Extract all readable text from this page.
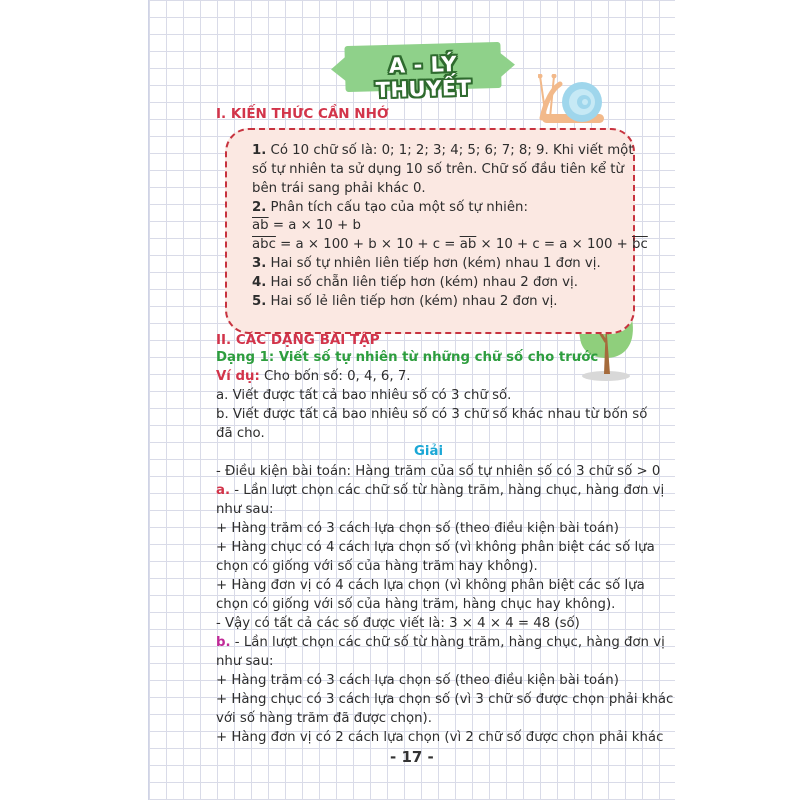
A - LÝ THUYẾT
I. KIẾN THỨC CẦN NHỚ
1. Có 10 chữ số là: 0; 1; 2; 3; 4; 5; 6; 7; 8; 9. Khi viết một
số tự nhiên ta sử dụng 10 số trên. Chữ số đầu tiên kể từ
bên trái sang phải khác 0.
2. Phân tích cấu tạo của một số tự nhiên:
$\overline{ab} = a \times 10 + b$
$\overline{abc} = a \times 100 + b \times 10 + c = \overline{ab} \times 10 + c = a \times 100 + \overline{bc}$
3. Hai số tự nhiên liên tiếp hơn (kém) nhau 1 đơn vị.
4. Hai số chẵn liên tiếp hơn (kém) nhau 2 đơn vị.
5. Hai số lẻ liên tiếp hơn (kém) nhau 2 đơn vị.
II. CÁC DẠNG BÀI TẬP
Dạng 1: Viết số tự nhiên từ những chữ số cho trước
Ví dụ: Cho bốn số: 0, 4, 6, 7.
a. Viết được tất cả bao nhiêu số có 3 chữ số.
b. Viết được tất cả bao nhiêu số có 3 chữ số khác nhau từ bốn số
đã cho.
Giải
- Điều kiện bài toán: Hàng trăm của số tự nhiên số có 3 chữ số > 0
a. - Lần lượt chọn các chữ số từ hàng trăm, hàng chục, hàng đơn vị
như sau:
+ Hàng trăm có 3 cách lựa chọn số (theo điều kiện bài toán)
+ Hàng chục có 4 cách lựa chọn số (vì không phân biệt các số lựa
chọn có giống với số của hàng trăm hay không).
+ Hàng đơn vị có 4 cách lựa chọn (vì không phân biệt các số lựa
chọn có giống với số của hàng trăm, hàng chục hay không).
- Vậy có tất cả các số được viết là: 3 × 4 × 4 = 48 (số)
b. - Lần lượt chọn các chữ số từ hàng trăm, hàng chục, hàng đơn vị
như sau:
+ Hàng trăm có 3 cách lựa chọn số (theo điều kiện bài toán)
+ Hàng chục có 3 cách lựa chọn số (vì 3 chữ số được chọn phải khác
với số hàng trăm đã được chọn).
+ Hàng đơn vị có 2 cách lựa chọn (vì 2 chữ số được chọn phải khác
- 17 -
